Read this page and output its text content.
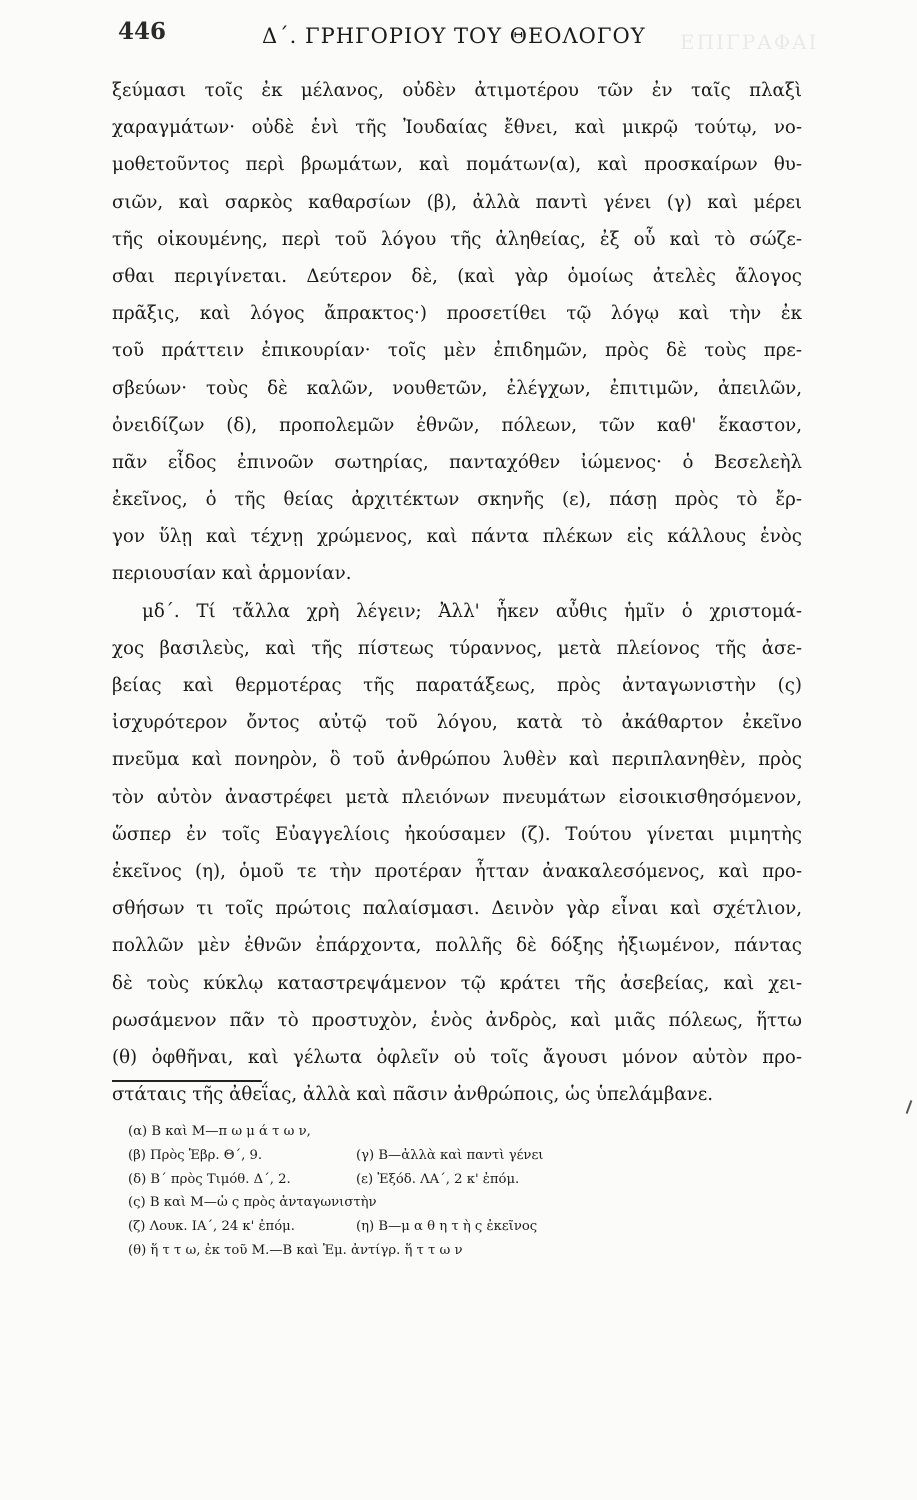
ΕΠΙΓΡΑΦΑΙ
446	Δ΄. ΓΡΗΓΟΡΙΟΥ ΤΟΥ ΘΕΟΛΟΓΟΥ
ξεύμασι τοῖς ἐκ μέλανος, οὐδὲν ἀτιμοτέρου τῶν ἐν ταῖς πλαξὶ
χαραγμάτων· οὐδὲ ἑνὶ τῆς Ἰουδαίας ἔθνει, καὶ μικρῷ τούτῳ, νο-
μοθετοῦντος περὶ βρωμάτων, καὶ πομάτων(α), καὶ προσκαίρων θυ-
σιῶν, καὶ σαρκὸς καθαρσίων (β), ἀλλὰ παντὶ γένει (γ) καὶ μέρει
τῆς οἰκουμένης, περὶ τοῦ λόγου τῆς ἀληθείας, ἐξ οὗ καὶ τὸ σώζε-
σθαι περιγίνεται. Δεύτερον δὲ, (καὶ γὰρ ὁμοίως ἀτελὲς ἄλογος
πρᾶξις, καὶ λόγος ἄπρακτος·) προσετίθει τῷ λόγῳ καὶ τὴν ἐκ
τοῦ πράττειν ἐπικουρίαν· τοῖς μὲν ἐπιδημῶν, πρὸς δὲ τοὺς πρε-
σβεύων· τοὺς δὲ καλῶν, νουθετῶν, ἐλέγχων, ἐπιτιμῶν, ἀπειλῶν,
ὀνειδίζων (δ), προπολεμῶν ἐθνῶν, πόλεων, τῶν καθ' ἕκαστον,
πᾶν εἶδος ἐπινοῶν σωτηρίας, πανταχόθεν ἰώμενος· ὁ Βεσελεὴλ
ἐκεῖνος, ὁ τῆς θείας ἀρχιτέκτων σκηνῆς (ε), πάσῃ πρὸς τὸ ἔρ-
γον ὕλῃ καὶ τέχνῃ χρώμενος, καὶ πάντα πλέκων εἰς κάλλους ἑνὸς
περιουσίαν καὶ ἁρμονίαν.
μδ΄. Τί τἄλλα χρὴ λέγειν; Ἀλλ' ἧκεν αὖθις ἡμῖν ὁ χριστομά-
χος βασιλεὺς, καὶ τῆς πίστεως τύραννος, μετὰ πλείονος τῆς ἀσε-
βείας καὶ θερμοτέρας τῆς παρατάξεως, πρὸς ἀνταγωνιστὴν (ς)
ἰσχυρότερον ὄντος αὐτῷ τοῦ λόγου, κατὰ τὸ ἀκάθαρτον ἐκεῖνο
πνεῦμα καὶ πονηρὸν, ὃ τοῦ ἀνθρώπου λυθὲν καὶ περιπλανηθὲν, πρὸς
τὸν αὐτὸν ἀναστρέφει μετὰ πλειόνων πνευμάτων εἰσοικισθησόμενον,
ὥσπερ ἐν τοῖς Εὐαγγελίοις ἠκούσαμεν (ζ). Τούτου γίνεται μιμητὴς
ἐκεῖνος (η), ὁμοῦ τε τὴν προτέραν ἧτταν ἀνακαλεσόμενος, καὶ προ-
σθήσων τι τοῖς πρώτοις παλαίσμασι. Δεινὸν γὰρ εἶναι καὶ σχέτλιον,
πολλῶν μὲν ἐθνῶν ἐπάρχοντα, πολλῆς δὲ δόξης ἠξιωμένον, πάντας
δὲ τοὺς κύκλῳ καταστρεψάμενον τῷ κράτει τῆς ἀσεβείας, καὶ χει-
ρωσάμενον πᾶν τὸ προστυχὸν, ἑνὸς ἀνδρὸς, καὶ μιᾶς πόλεως, ἥττω
(θ) ὀφθῆναι, καὶ γέλωτα ὀφλεῖν οὐ τοῖς ἄγουσι μόνον αὐτὸν προ-
στάταις τῆς ἀθεΐας, ἀλλὰ καὶ πᾶσιν ἀνθρώποις, ὡς ὑπελάμβανε.
(α) Β καὶ Μ—π ω μ ά τ ω ν,
(β) Πρὸς Ἑβρ. Θ΄, 9.	(γ) Β—ἀλλὰ καὶ παντὶ γένει
(δ) Β΄ πρὸς Τιμόθ. Δ΄, 2.	(ε) Ἐξόδ. ΛΑ΄, 2 κ' ἐπόμ.
(ς) Β καὶ Μ—ὡ ς πρὸς ἀνταγωνιστὴν
(ζ) Λουκ. ΙΑ΄, 24 κ' ἐπόμ.	(η) Β—μ α θ η τ ὴ ς ἐκεῖνος
(θ) ἥ τ τ ω, ἐκ τοῦ Μ.—Β καὶ Ἐμ. ἀντίγρ. ἥ τ τ ω ν
